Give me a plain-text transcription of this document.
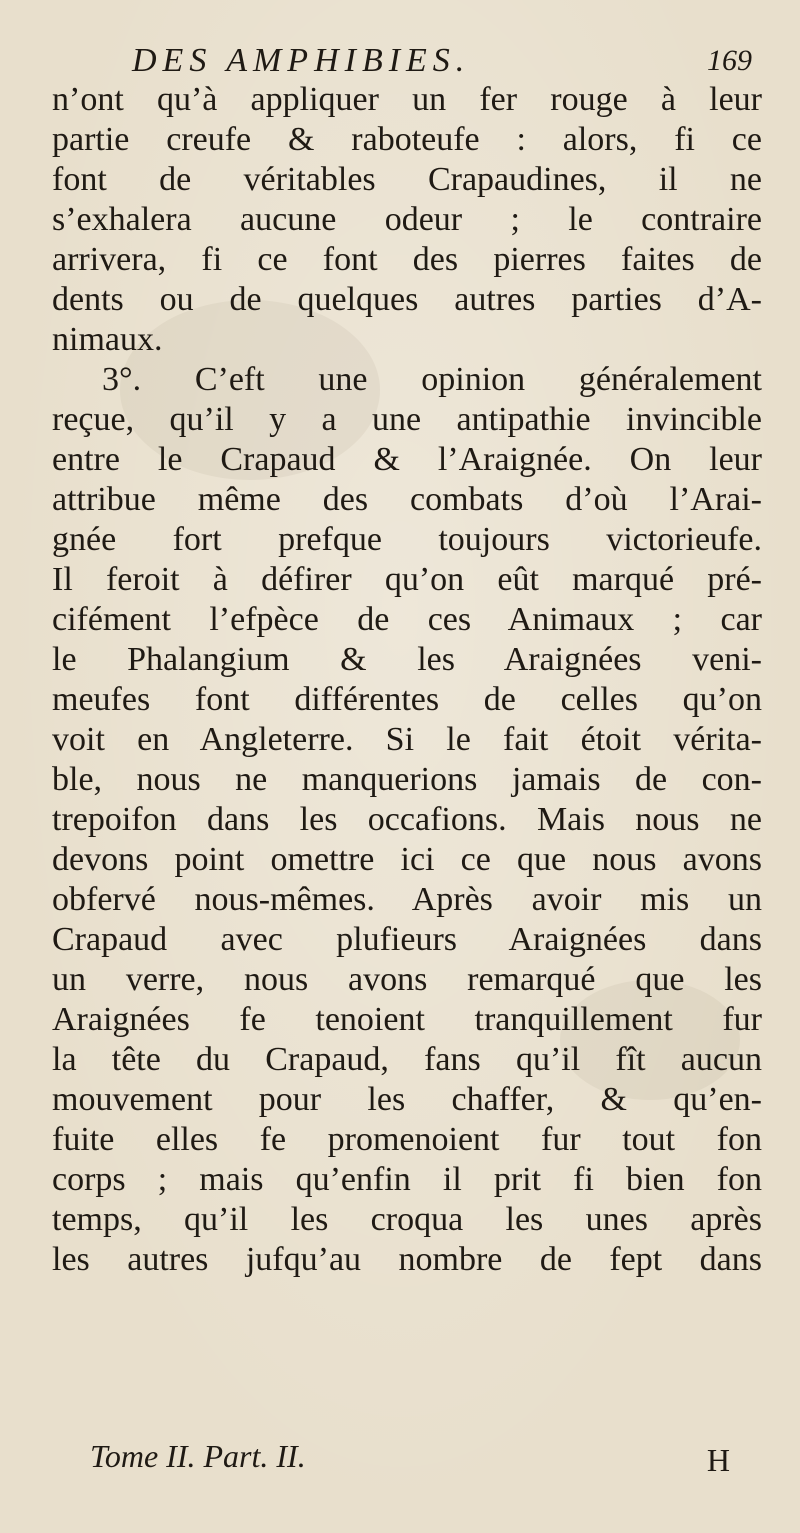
DES AMPHIBIES.	169
n’ont qu’à appliquer un fer rouge à leur
partie creufe & raboteufe : alors, fi ce
font de véritables Crapaudines, il ne
s’exhalera aucune odeur ; le contraire
arrivera, fi ce font des pierres faites de
dents ou de quelques autres parties d’A-
nimaux.
3°. C’eft une opinion généralement
reçue, qu’il y a une antipathie invincible
entre le Crapaud & l’Araignée. On leur
attribue même des combats d’où l’Arai-
gnée fort prefque toujours victorieufe.
Il feroit à défirer qu’on eût marqué pré-
cifément l’efpèce de ces Animaux ; car
le Phalangium & les Araignées veni-
meufes font différentes de celles qu’on
voit en Angleterre. Si le fait étoit vérita-
ble, nous ne manquerions jamais de con-
trepoifon dans les occafions. Mais nous ne
devons point omettre ici ce que nous avons
obfervé nous-mêmes. Après avoir mis un
Crapaud avec plufieurs Araignées dans
un verre, nous avons remarqué que les
Araignées fe tenoient tranquillement fur
la tête du Crapaud, fans qu’il fît aucun
mouvement pour les chaffer, & qu’en-
fuite elles fe promenoient fur tout fon
corps ; mais qu’enfin il prit fi bien fon
temps, qu’il les croqua les unes après
les autres jufqu’au nombre de fept dans
Tome II. Part. II.	H
